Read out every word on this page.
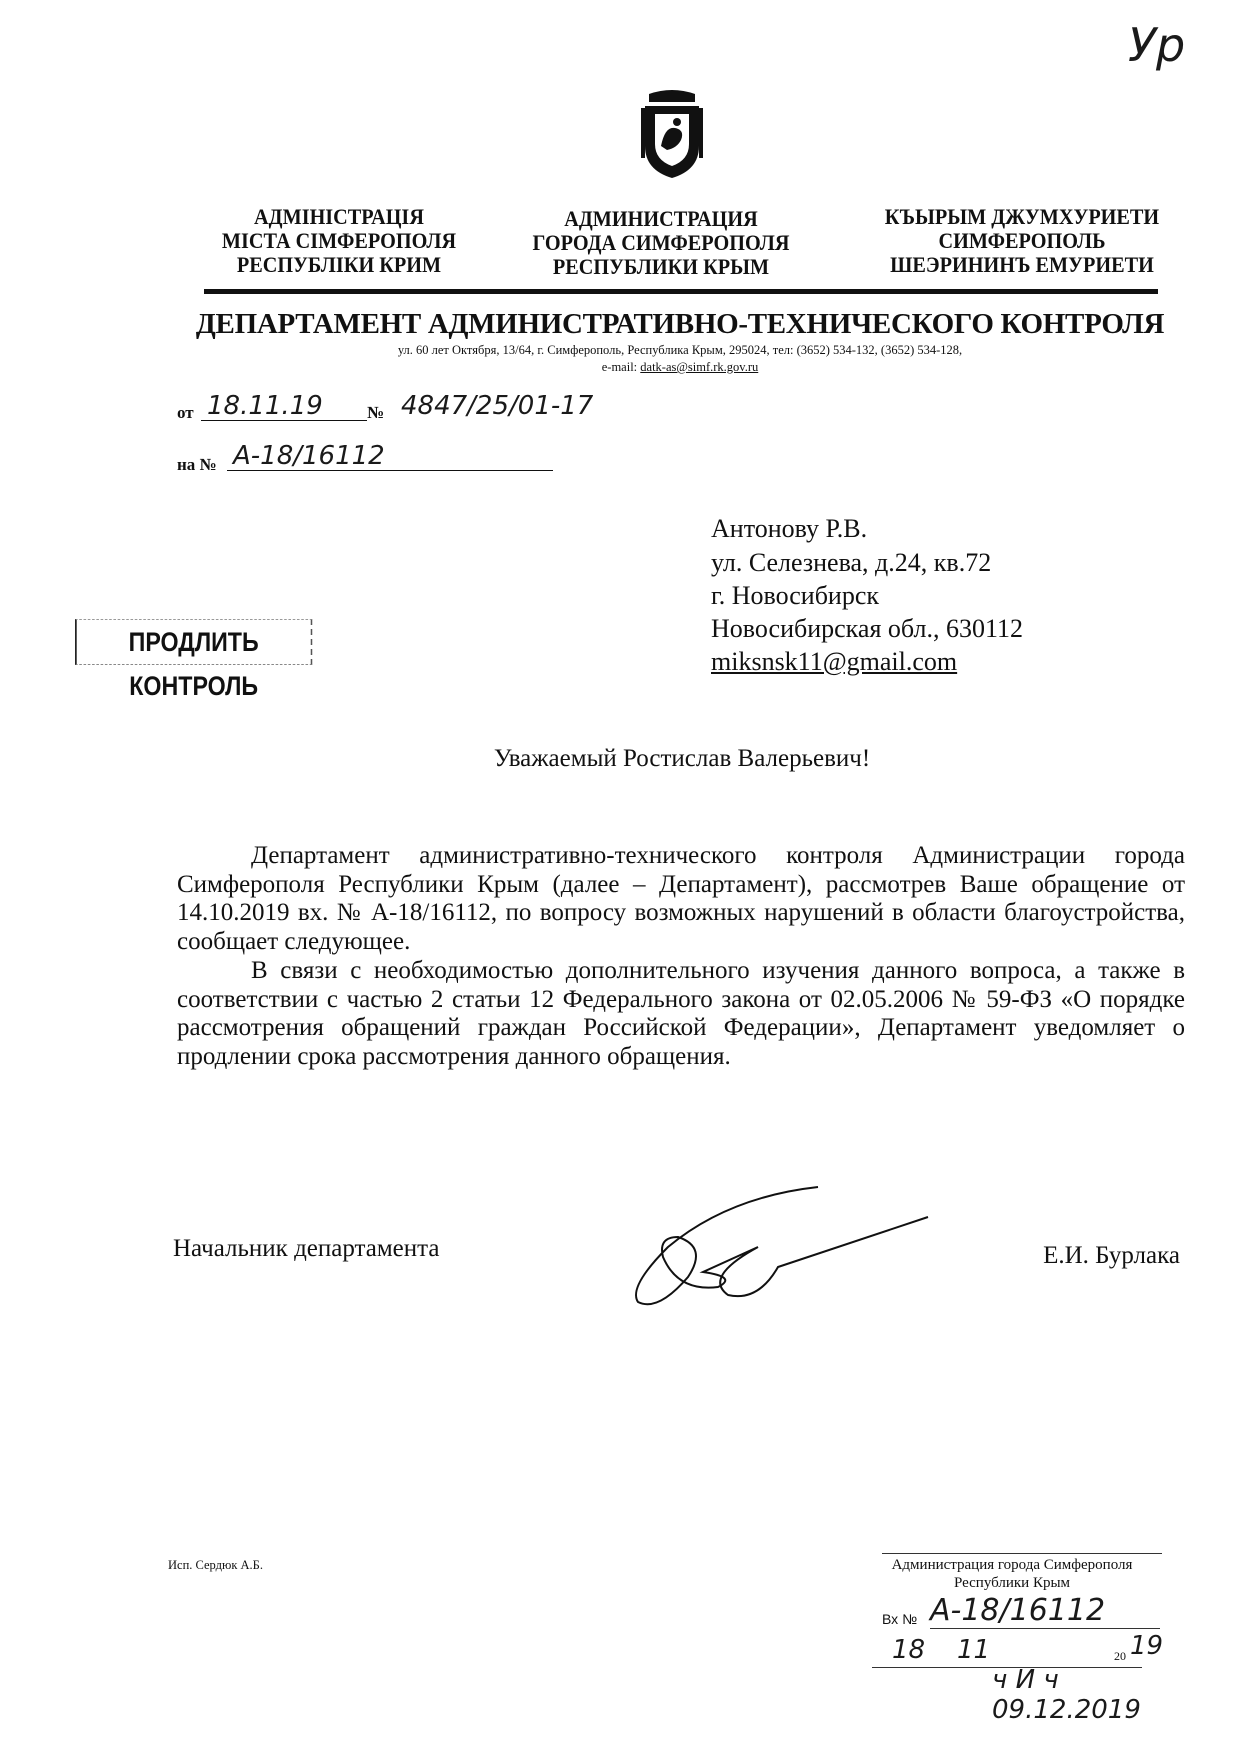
Ур
АДМІНІСТРАЦІЯ
МІСТА СІМФЕРОПОЛЯ
РЕСПУБЛІКИ КРИМ
АДМИНИСТРАЦИЯ
ГОРОДА СИМФЕРОПОЛЯ
РЕСПУБЛИКИ КРЫМ
КЪЫРЫМ ДЖУМХУРИЕТИ
СИМФЕРОПОЛЬ
ШЕЭРИНИНЪ ЕМУРИЕТИ
ДЕПАРТАМЕНТ АДМИНИСТРАТИВНО-ТЕХНИЧЕСКОГО КОНТРОЛЯ
ул. 60 лет Октября, 13/64, г. Симферополь, Республика Крым, 295024, тел: (3652) 534-132, (3652) 534-128,
e-mail: datk-as@simf.rk.gov.ru
от 18.11.19	№ 4847/25/01-17
на № А-18/16112
Антонову Р.В.
ул. Селезнева, д.24, кв.72
г. Новосибирск
Новосибирская обл., 630112
miksnsk11@gmail.com
ПРОДЛИТЬ КОНТРОЛЬ
Уважаемый Ростислав Валерьевич!

Департамент административно-технического контроля Администрации города Симферополя Республики Крым (далее – Департамент), рассмотрев Ваше обращение от 14.10.2019 вх. № А-18/16112, по вопросу возможных нарушений в области благоустройства, сообщает следующее.

В связи с необходимостью дополнительного изучения данного вопроса, а также в соответствии с частью 2 статьи 12 Федерального закона от 02.05.2006 № 59-ФЗ «О порядке рассмотрения обращений граждан Российской Федерации», Департамент уведомляет о продлении срока рассмотрения данного обращения.

Начальник департамента	Е.И. Бурлака
Исп. Сердюк А.Б.	Администрация города Симферополя
Республики Крым
Вх № А-18/16112
18 11	20 19
ч И ч 09.12.2019
